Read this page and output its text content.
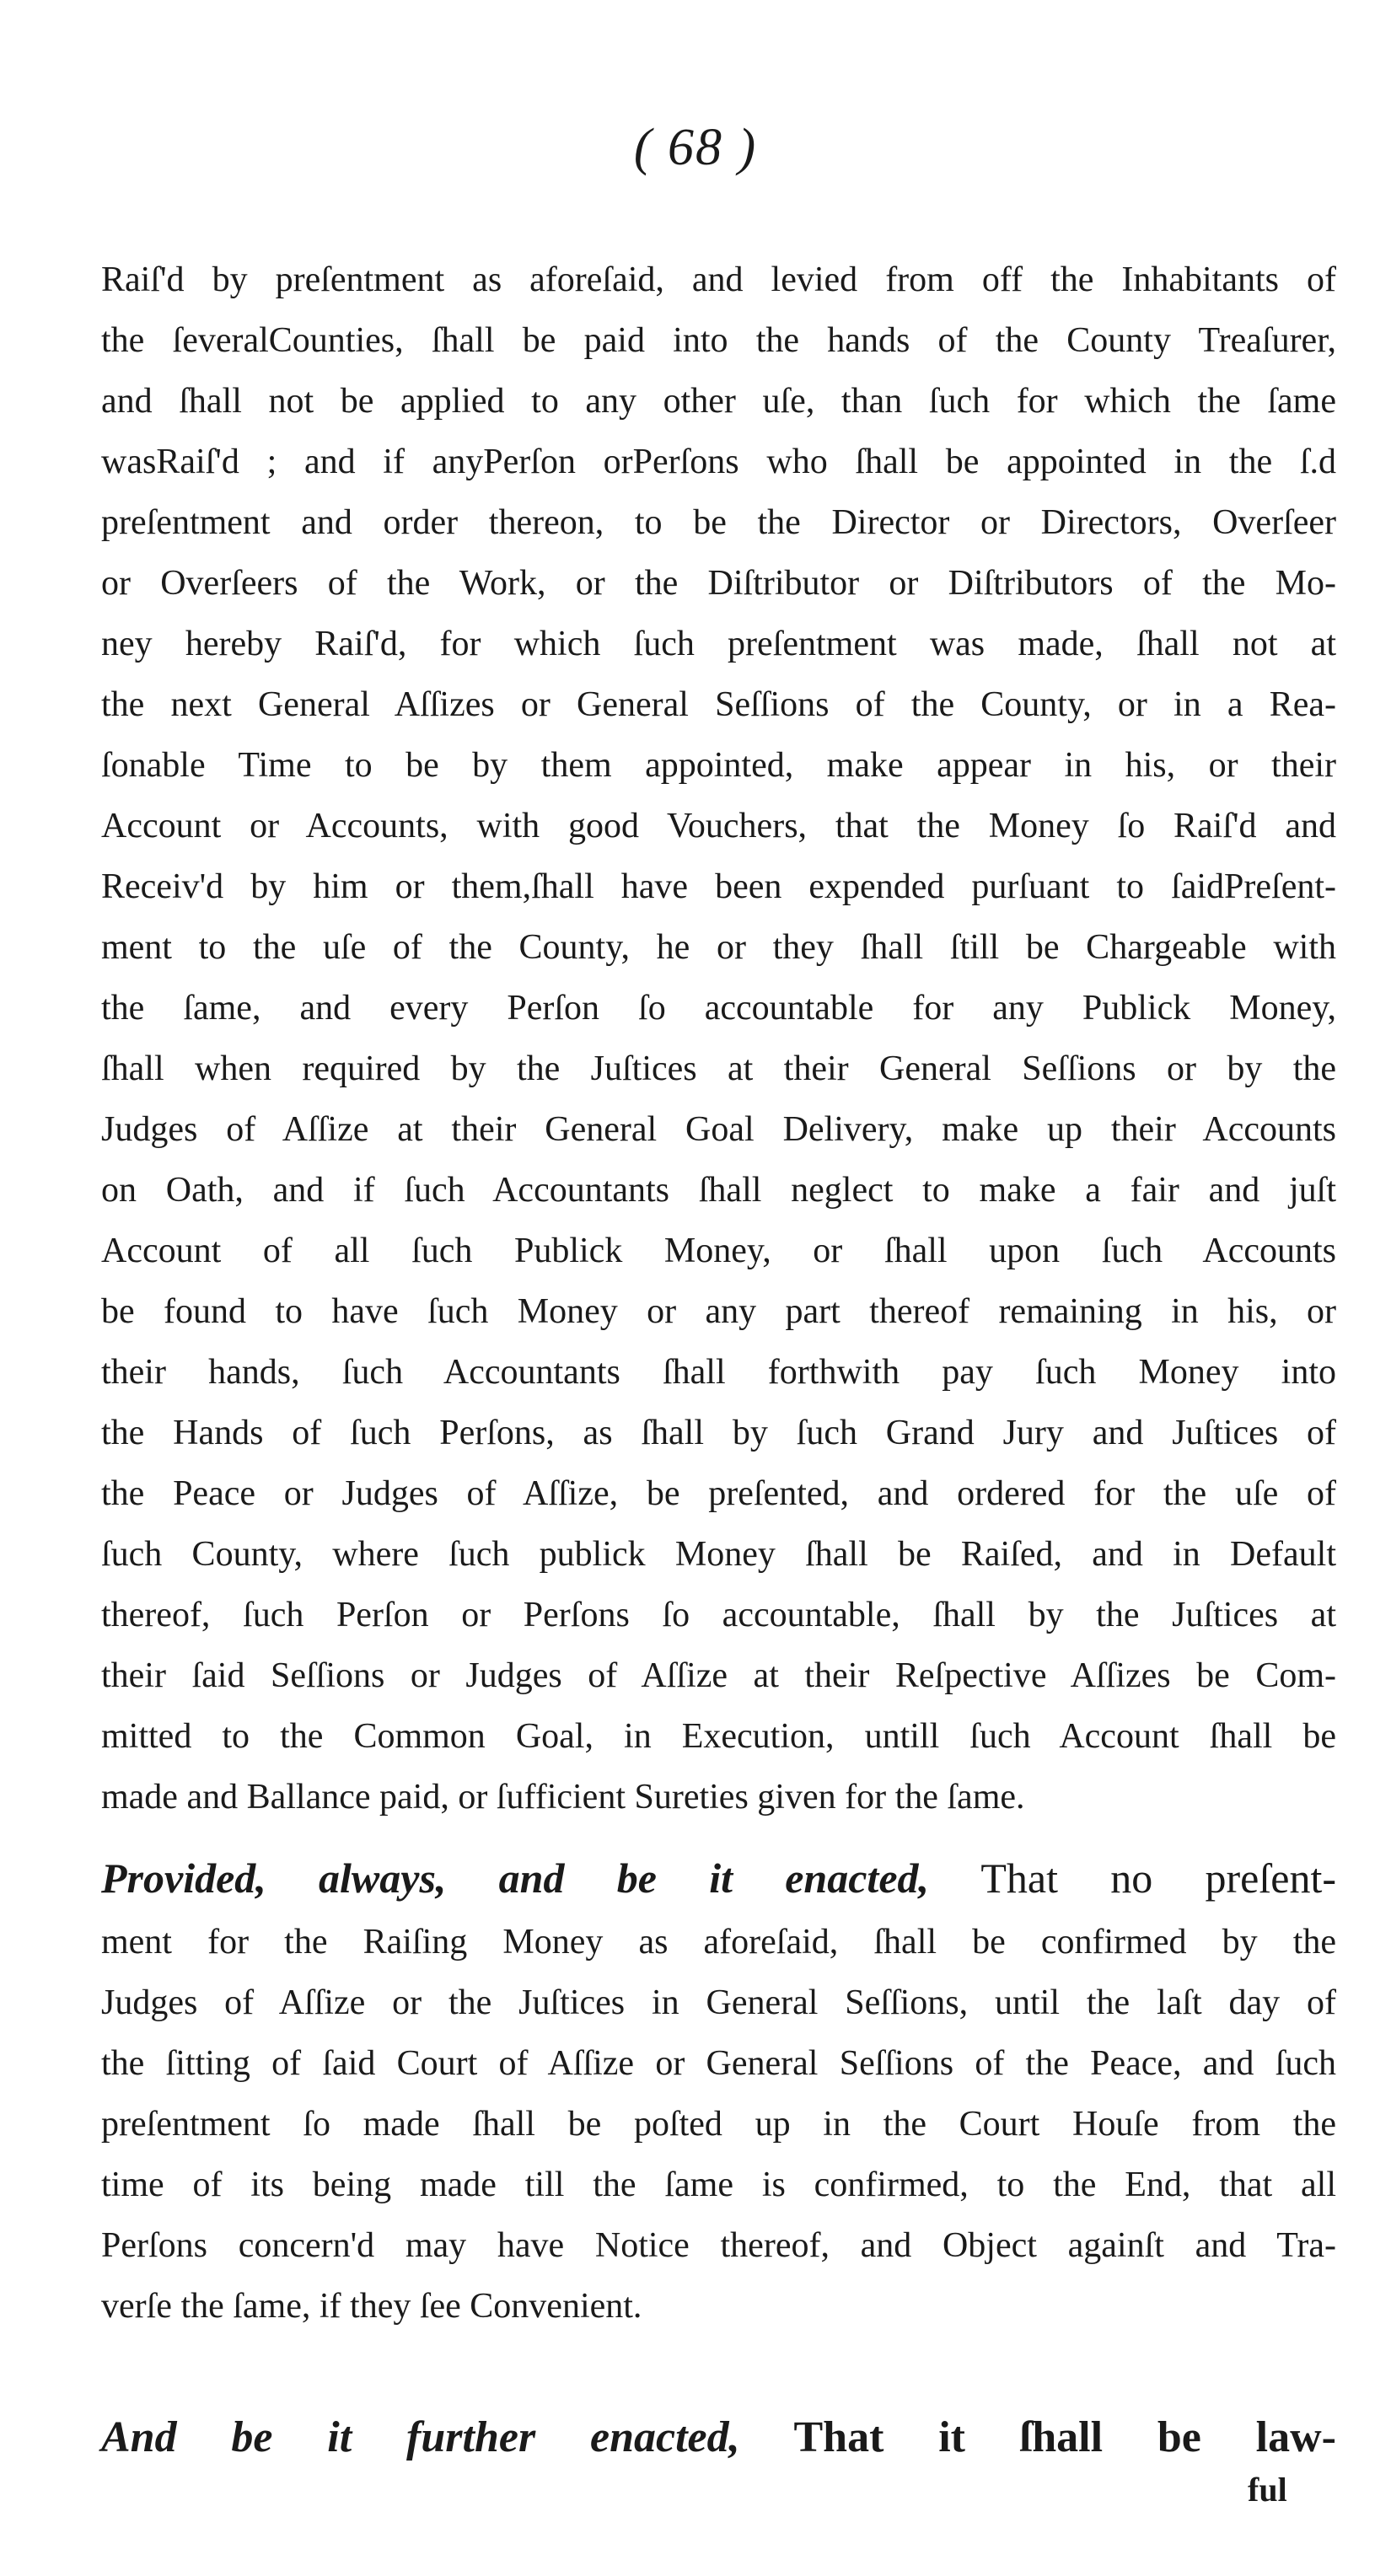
( 68 )
Raiſ'd by preſentment as aforeſaid, and levied from off the Inhabitants of
the ſeveralCounties, ſhall be paid into the hands of the County Treaſurer,
and ſhall not be applied to any other uſe, than ſuch for which the ſame
wasRaiſ'd ; and if anyPerſon orPerſons who ſhall be appointed in the ſ.d
preſentment and order thereon, to be the Director or Directors, Overſeer
or Overſeers of the Work, or the Diſtributor or Diſtributors of the Mo-
ney hereby Raiſ'd, for which ſuch preſentment was made, ſhall not at
the next General Aſſizes or General Seſſions of the County, or in a Rea-
ſonable Time to be by them appointed, make appear in his, or their
Account or Accounts, with good Vouchers, that the Money ſo Raiſ'd and
Receiv'd by him or them,ſhall have been expended purſuant to ſaidPreſent-
ment to the uſe of the County, he or they ſhall ſtill be Chargeable with
the ſame, and every Perſon ſo accountable for any Publick Money,
ſhall when required by the Juſtices at their General Seſſions or by the
Judges of Aſſize at their General Goal Delivery, make up their Accounts
on Oath, and if ſuch Accountants ſhall neglect to make a fair and juſt
Account of all ſuch Publick Money, or ſhall upon ſuch Accounts
be found to have ſuch Money or any part thereof remaining in his, or
their hands, ſuch Accountants ſhall forthwith pay ſuch Money into
the Hands of ſuch Perſons, as ſhall by ſuch Grand Jury and Juſtices of
the Peace or Judges of Aſſize, be preſented, and ordered for the uſe of
ſuch County, where ſuch publick Money ſhall be Raiſed, and in Default
thereof, ſuch Perſon or Perſons ſo accountable, ſhall by the Juſtices at
their ſaid Seſſions or Judges of Aſſize at their Reſpective Aſſizes be Com-
mitted to the Common Goal, in Execution, untill ſuch Account ſhall be
made and Ballance paid, or ſufficient Sureties given for the ſame.
Provided, always, and be it enacted, That no preſent-
ment for the Raiſing Money as aforeſaid, ſhall be confirmed by the
Judges of Aſſize or the Juſtices in General Seſſions, until the laſt day of
the ſitting of ſaid Court of Aſſize or General Seſſions of the Peace, and ſuch
preſentment ſo made ſhall be poſted up in the Court Houſe from the
time of its being made till the ſame is confirmed, to the End, that all
Perſons concern'd may have Notice thereof, and Object againſt and Tra-
verſe the ſame, if they ſee Convenient.
And be it further enacted, That it ſhall be law-
ful
